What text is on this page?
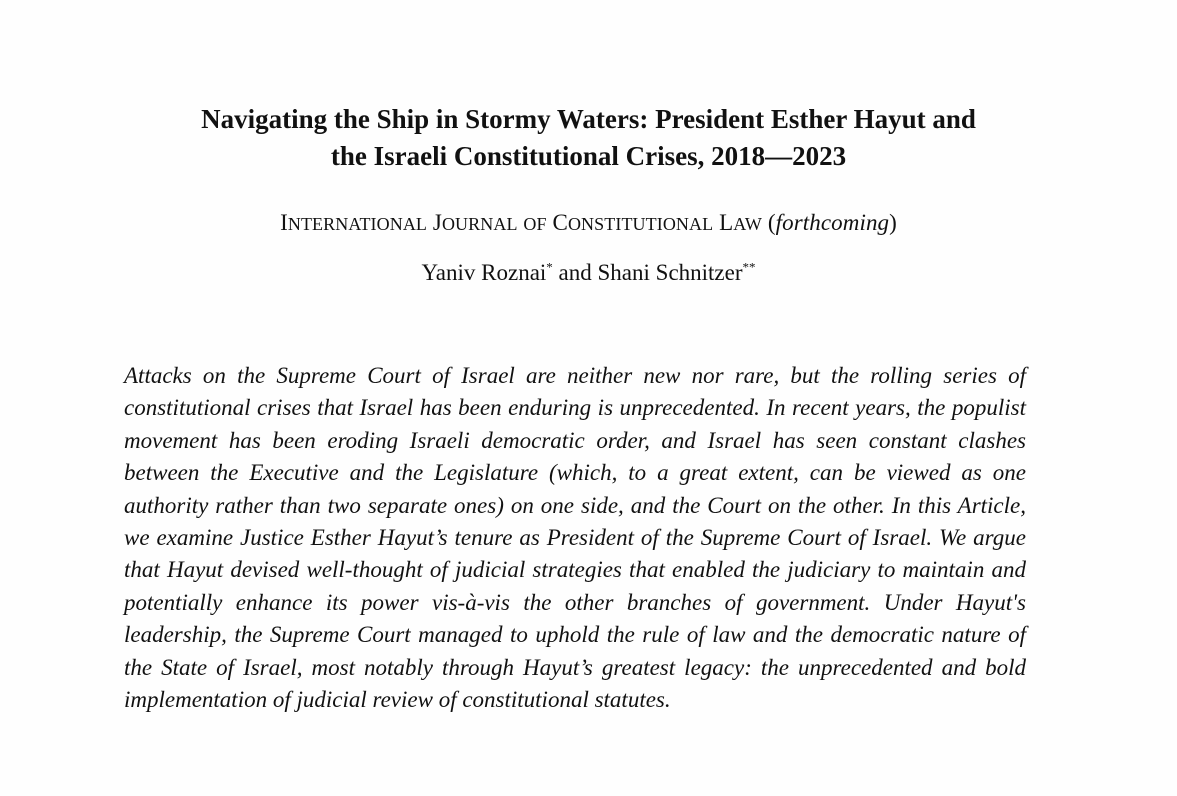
Navigating the Ship in Stormy Waters: President Esther Hayut and
the Israeli Constitutional Crises, 2018—2023

INTERNATIONAL JOURNAL OF CONSTITUTIONAL LAW (forthcoming)

Yaniv Roznai* and Shani Schnitzer**

Attacks on the Supreme Court of Israel are neither new nor rare, but the rolling series of constitutional crises that Israel has been enduring is unprecedented. In recent years, the populist movement has been eroding Israeli democratic order, and Israel has seen constant clashes between the Executive and the Legislature (which, to a great extent, can be viewed as one authority rather than two separate ones) on one side, and the Court on the other. In this Article, we examine Justice Esther Hayut’s tenure as President of the Supreme Court of Israel. We argue that Hayut devised well-thought of judicial strategies that enabled the judiciary to maintain and potentially enhance its power vis-à-vis the other branches of government. Under Hayut's leadership, the Supreme Court managed to uphold the rule of law and the democratic nature of the State of Israel, most notably through Hayut’s greatest legacy: the unprecedented and bold implementation of judicial review of constitutional statutes.
